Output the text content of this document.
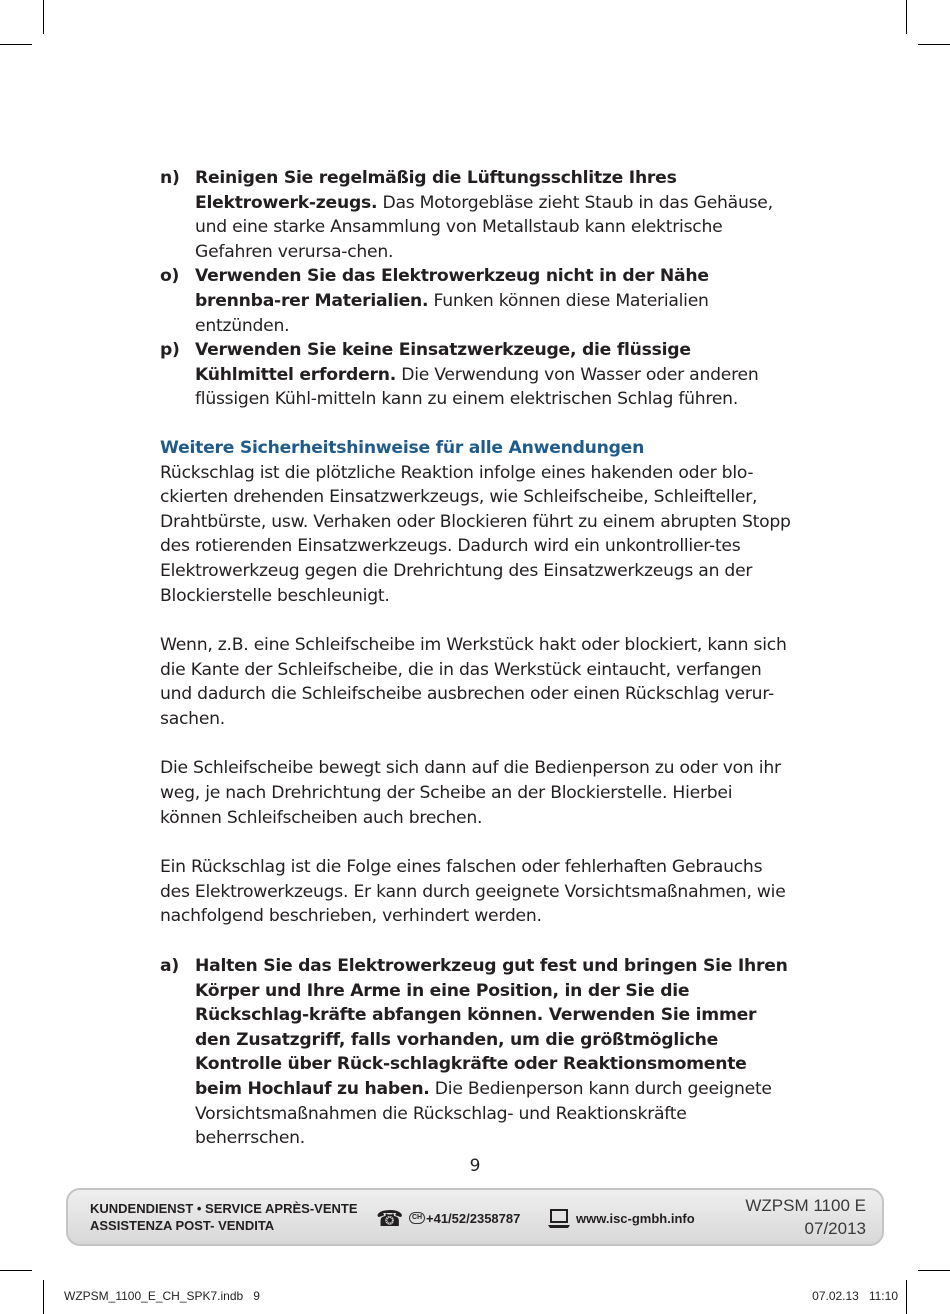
n) Reinigen Sie regelmäßig die Lüftungsschlitze Ihres Elektrowerk-zeugs. Das Motorgebläse zieht Staub in das Gehäuse, und eine starke Ansammlung von Metallstaub kann elektrische Gefahren verursa-chen.
o) Verwenden Sie das Elektrowerkzeug nicht in der Nähe brennba-rer Materialien. Funken können diese Materialien entzünden.
p) Verwenden Sie keine Einsatzwerkzeuge, die flüssige Kühlmittel erfordern. Die Verwendung von Wasser oder anderen flüssigen Kühl-mitteln kann zu einem elektrischen Schlag führen.
Weitere Sicherheitshinweise für alle Anwendungen

Rückschlag ist die plötzliche Reaktion infolge eines hakenden oder blo-ckierten drehenden Einsatzwerkzeugs, wie Schleifscheibe, Schleifteller, Drahtbürste, usw. Verhaken oder Blockieren führt zu einem abrupten Stopp des rotierenden Einsatzwerkzeugs. Dadurch wird ein unkontrollier-tes Elektrowerkzeug gegen die Drehrichtung des Einsatzwerkzeugs an der Blockierstelle beschleunigt.

Wenn, z.B. eine Schleifscheibe im Werkstück hakt oder blockiert, kann sich die Kante der Schleifscheibe, die in das Werkstück eintaucht, verfangen und dadurch die Schleifscheibe ausbrechen oder einen Rückschlag verur-sachen.

Die Schleifscheibe bewegt sich dann auf die Bedienperson zu oder von ihr weg, je nach Drehrichtung der Scheibe an der Blockierstelle. Hierbei können Schleifscheiben auch brechen.

Ein Rückschlag ist die Folge eines falschen oder fehlerhaften Gebrauchs des Elektrowerkzeugs. Er kann durch geeignete Vorsichtsmaßnahmen, wie nachfolgend beschrieben, verhindert werden.

a) Halten Sie das Elektrowerkzeug gut fest und bringen Sie Ihren Körper und Ihre Arme in eine Position, in der Sie die Rückschlag-kräfte abfangen können. Verwenden Sie immer den Zusatzgriff, falls vorhanden, um die größtmögliche Kontrolle über Rück-schlagkräfte oder Reaktionsmomente beim Hochlauf zu haben. Die Bedienperson kann durch geeignete Vorsichtsmaßnahmen die Rückschlag- und Reaktionskräfte beherrschen.
9
KUNDENDIENST • SERVICE APRÈS-VENTE
ASSISTENZA POST- VENDITA	☎	CH +41/52/2358787	www.isc-gmbh.info
WZPSM 1100 E
07/2013
WZPSM_1100_E_CH_SPK7.indb   9	07.02.13   11:10
